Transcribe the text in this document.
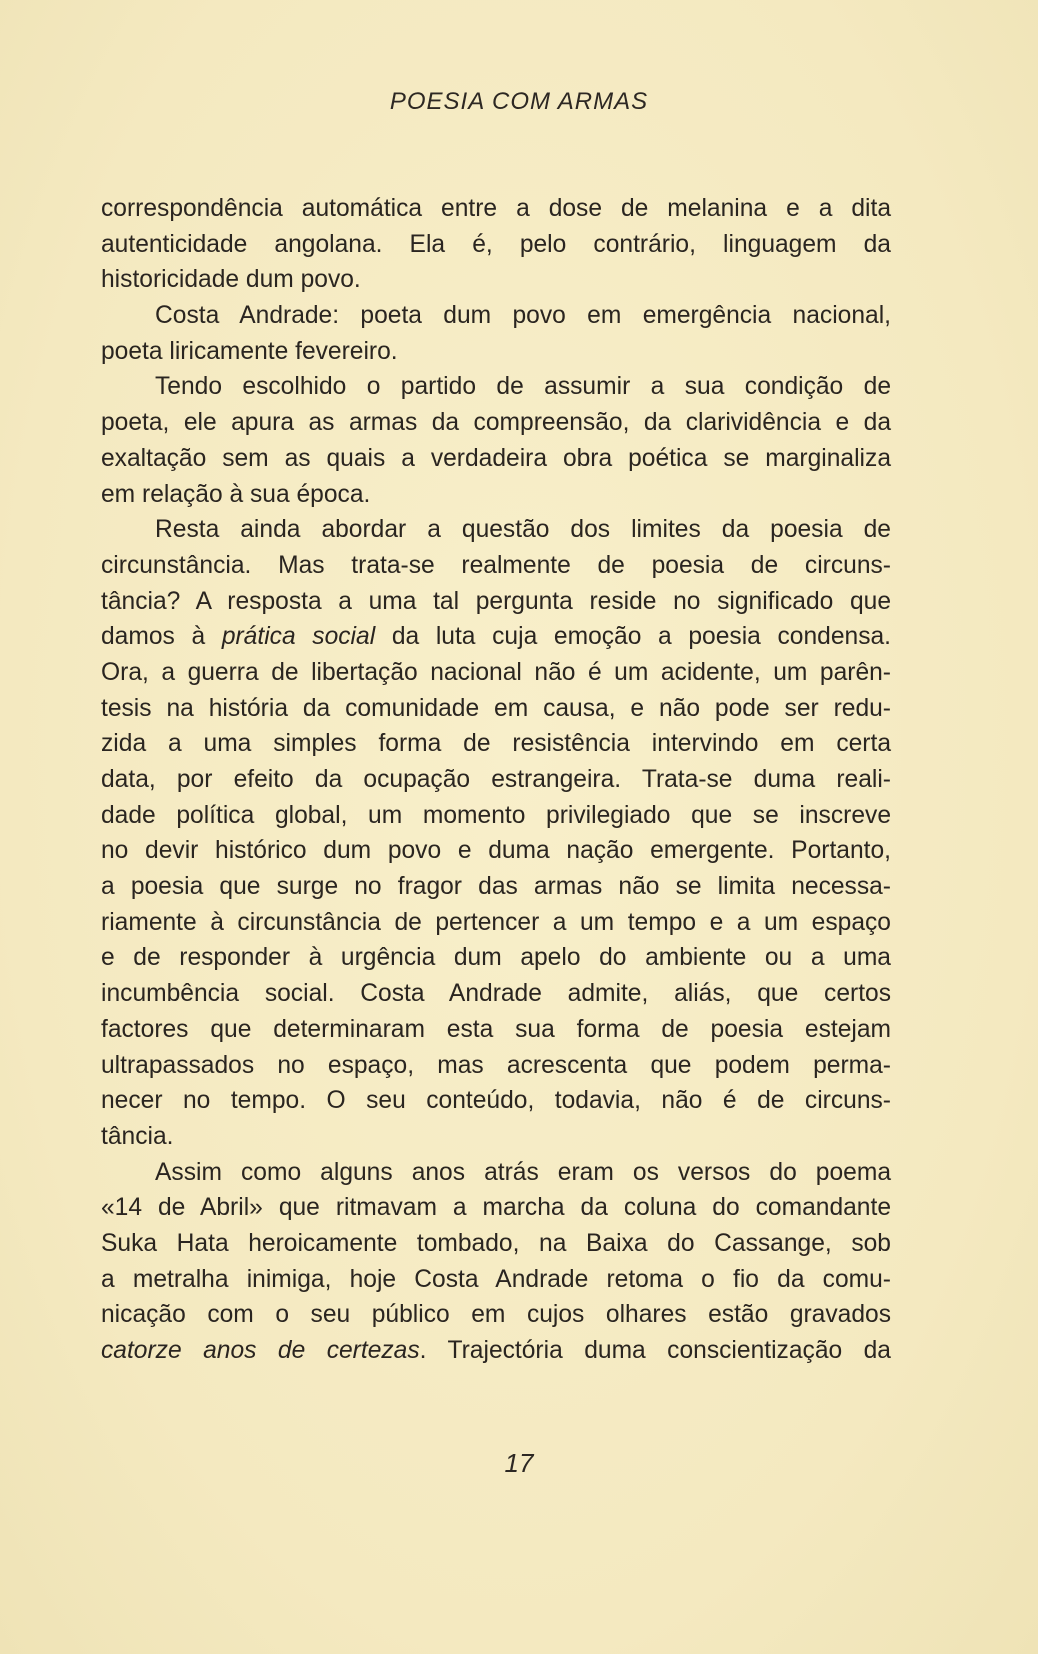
POESIA COM ARMAS
correspondência automática entre a dose de melanina e a dita
autenticidade angolana. Ela é, pelo contrário, linguagem da
historicidade dum povo.
Costa Andrade: poeta dum povo em emergência nacional,
poeta liricamente fevereiro.
Tendo escolhido o partido de assumir a sua condição de
poeta, ele apura as armas da compreensão, da clarividência e da
exaltação sem as quais a verdadeira obra poética se marginaliza
em relação à sua época.
Resta ainda abordar a questão dos limites da poesia de
circunstância. Mas trata-se realmente de poesia de circuns-
tância? A resposta a uma tal pergunta reside no significado que
damos à prática social da luta cuja emoção a poesia condensa.
Ora, a guerra de libertação nacional não é um acidente, um parên-
tesis na história da comunidade em causa, e não pode ser redu-
zida a uma simples forma de resistência intervindo em certa
data, por efeito da ocupação estrangeira. Trata-se duma reali-
dade política global, um momento privilegiado que se inscreve
no devir histórico dum povo e duma nação emergente. Portanto,
a poesia que surge no fragor das armas não se limita necessa-
riamente à circunstância de pertencer a um tempo e a um espaço
e de responder à urgência dum apelo do ambiente ou a uma
incumbência social. Costa Andrade admite, aliás, que certos
factores que determinaram esta sua forma de poesia estejam
ultrapassados no espaço, mas acrescenta que podem perma-
necer no tempo. O seu conteúdo, todavia, não é de circuns-
tância.
Assim como alguns anos atrás eram os versos do poema
«14 de Abril» que ritmavam a marcha da coluna do comandante
Suka Hata heroicamente tombado, na Baixa do Cassange, sob
a metralha inimiga, hoje Costa Andrade retoma o fio da comu-
nicação com o seu público em cujos olhares estão gravados
catorze anos de certezas. Trajectória duma conscientização da
17
